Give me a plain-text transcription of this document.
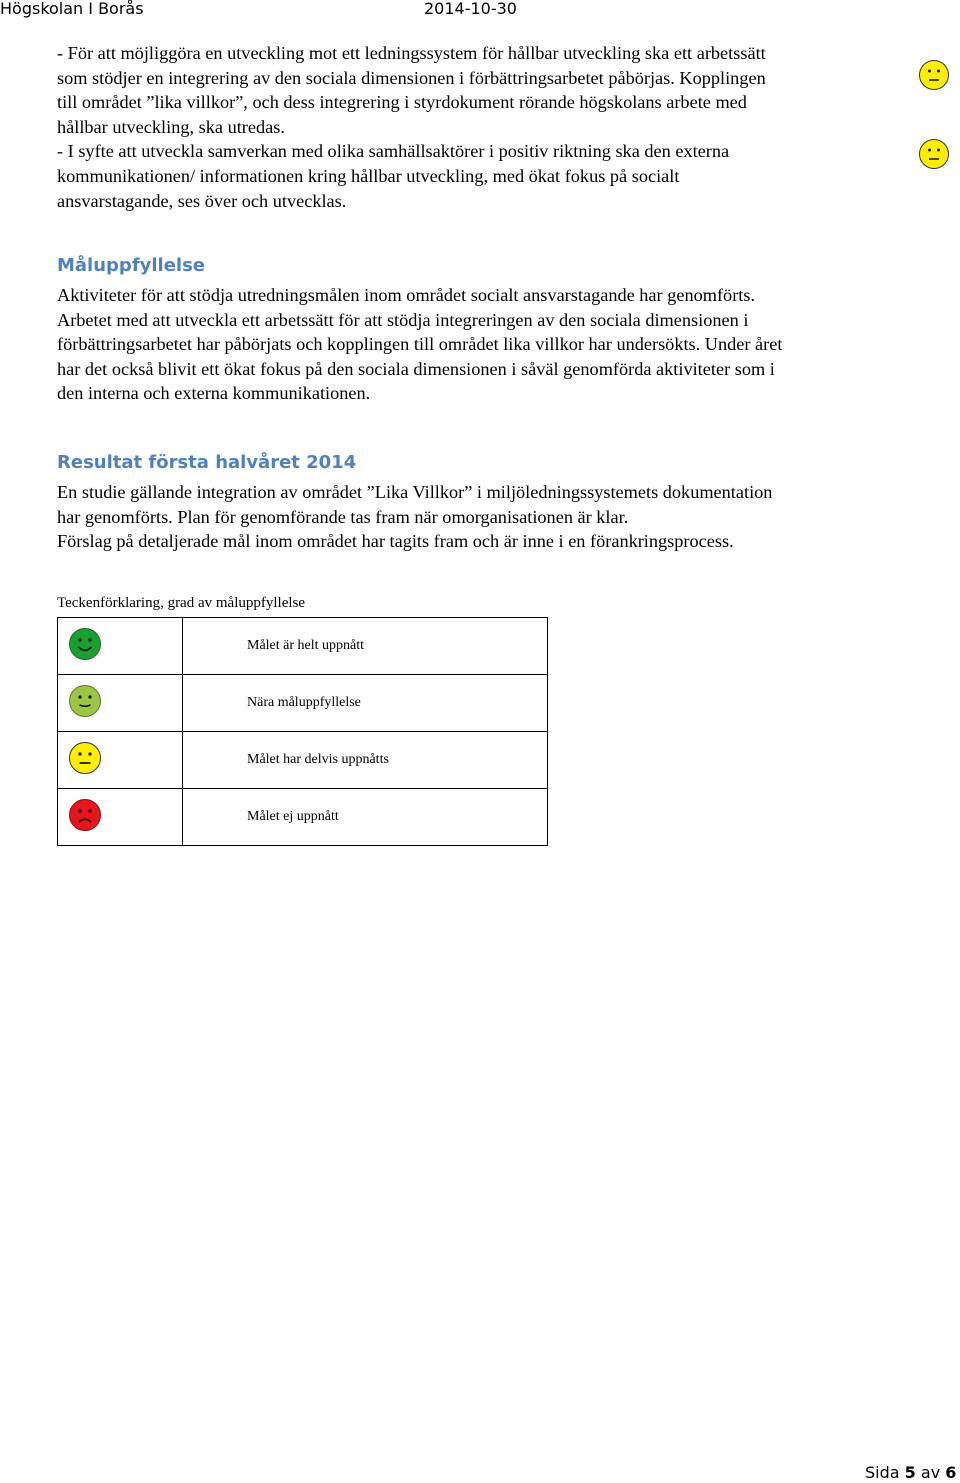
Högskolan I Borås	2014-10-30

- För att möjliggöra en utveckling mot ett ledningssystem för hållbar utveckling ska ett arbetssätt
som stödjer en integrering av den sociala dimensionen i förbättringsarbetet påbörjas. Kopplingen
till området ”lika villkor”, och dess integrering i styrdokument rörande högskolans arbete med
hållbar utveckling, ska utredas.
- I syfte att utveckla samverkan med olika samhällsaktörer i positiv riktning ska den externa
kommunikationen/ informationen kring hållbar utveckling, med ökat fokus på socialt
ansvarstagande, ses över och utvecklas.

Måluppfyllelse

Aktiviteter för att stödja utredningsmålen inom området socialt ansvarstagande har genomförts.
Arbetet med att utveckla ett arbetssätt för att stödja integreringen av den sociala dimensionen i
förbättringsarbetet har påbörjats och kopplingen till området lika villkor har undersökts. Under året
har det också blivit ett ökat fokus på den sociala dimensionen i såväl genomförda aktiviteter som i
den interna och externa kommunikationen.

Resultat första halvåret 2014

En studie gällande integration av området ”Lika Villkor” i miljöledningssystemets dokumentation
har genomförts. Plan för genomförande tas fram när omorganisationen är klar.
Förslag på detaljerade mål inom området har tagits fram och är inne i en förankringsprocess.

Teckenförklaring, grad av måluppfyllelse
	Målet är helt uppnått
	Nära måluppfyllelse
	Målet har delvis uppnåtts
	Målet ej uppnått
Sida 5 av 6
